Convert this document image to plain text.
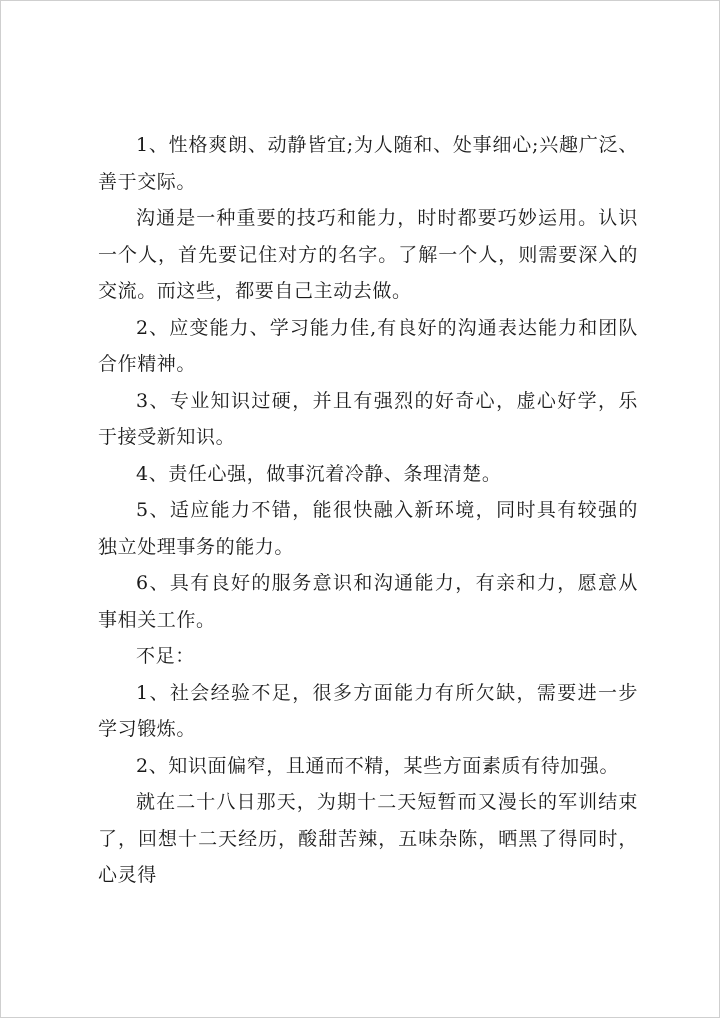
1、性格爽朗、动静皆宜;为人随和、处事细心;兴趣广泛、善于交际。

沟通是一种重要的技巧和能力，时时都要巧妙运用。认识一个人，首先要记住对方的名字。了解一个人，则需要深入的交流。而这些，都要自己主动去做。

2、应变能力、学习能力佳,有良好的沟通表达能力和团队合作精神。

3、专业知识过硬，并且有强烈的好奇心，虚心好学，乐于接受新知识。

4、责任心强，做事沉着冷静、条理清楚。

5、适应能力不错，能很快融入新环境，同时具有较强的独立处理事务的能力。

6、具有良好的服务意识和沟通能力，有亲和力，愿意从事相关工作。

不足：

1、社会经验不足，很多方面能力有所欠缺，需要进一步学习锻炼。

2、知识面偏窄，且通而不精，某些方面素质有待加强。

就在二十八日那天，为期十二天短暂而又漫长的军训结束了，回想十二天经历，酸甜苦辣，五味杂陈，晒黑了得同时，心灵得
